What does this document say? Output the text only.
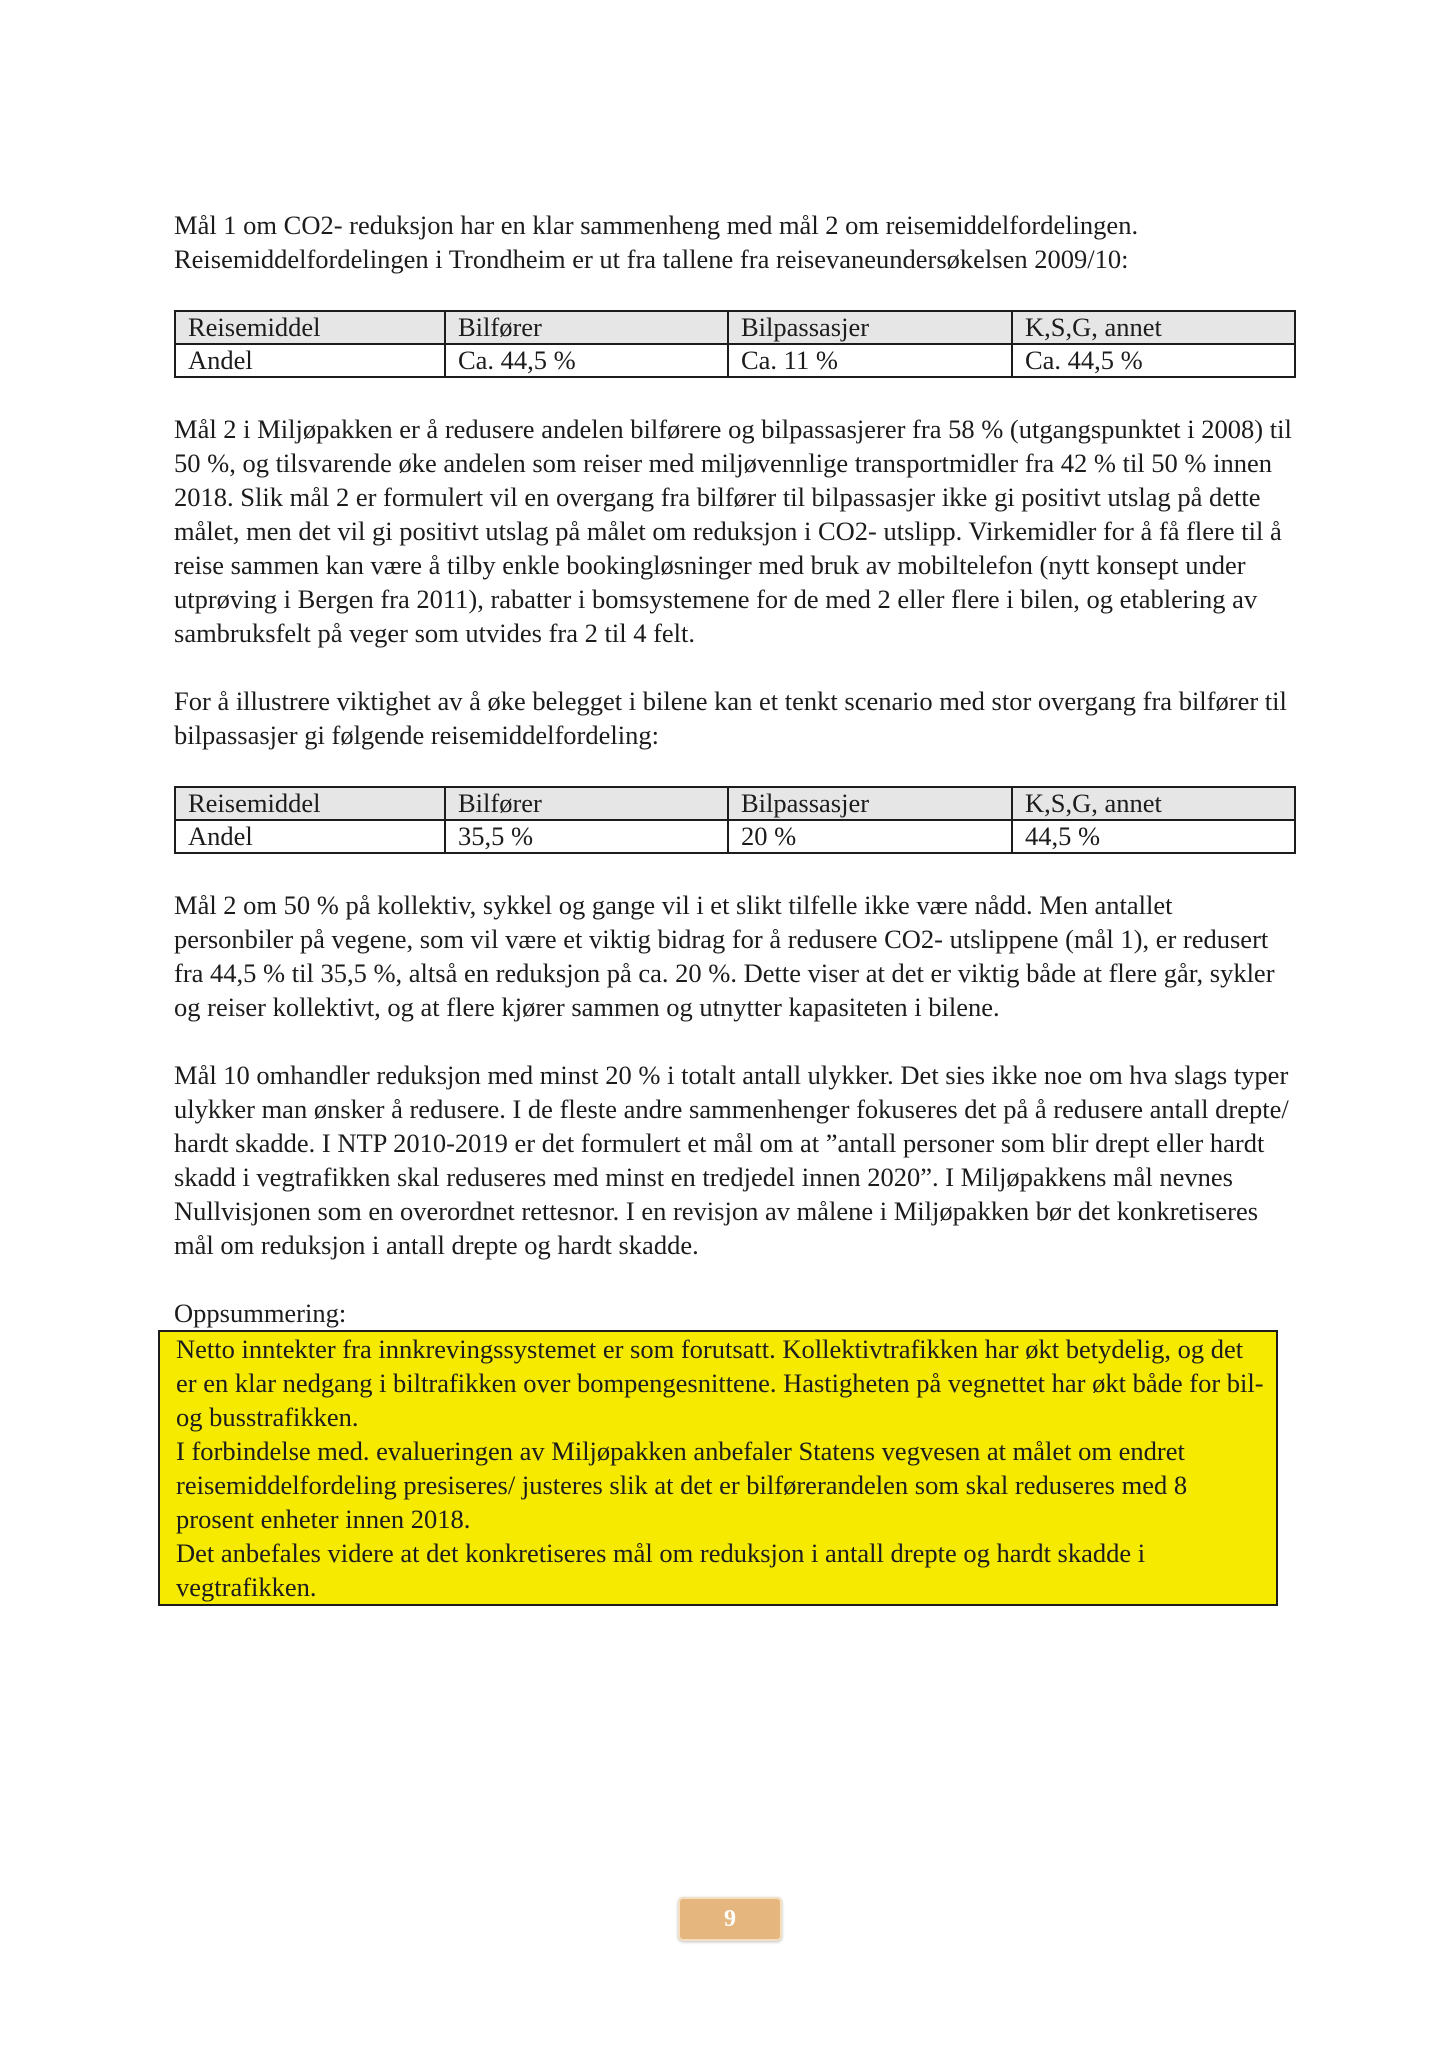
Mål 1 om CO2- reduksjon har en klar sammenheng med mål 2 om reisemiddelfordelingen. Reisemiddelfordelingen i Trondheim er ut fra tallene fra reisevaneundersøkelsen 2009/10:

Reisemiddel	Bilfører	Bilpassasjer	K,S,G, annet
Andel	Ca. 44,5 %	Ca. 11 %	Ca. 44,5 %

Mål 2 i Miljøpakken er å redusere andelen bilførere og bilpassasjerer fra 58 % (utgangspunktet i 2008) til 50 %, og tilsvarende øke andelen som reiser med miljøvennlige transportmidler fra 42 % til 50 % innen 2018. Slik mål 2 er formulert vil en overgang fra bilfører til bilpassasjer ikke gi positivt utslag på dette målet, men det vil gi positivt utslag på målet om reduksjon i CO2- utslipp. Virkemidler for å få flere til å reise sammen kan være å tilby enkle bookingløsninger med bruk av mobiltelefon (nytt konsept under utprøving i Bergen fra 2011), rabatter i bomsystemene for de med 2 eller flere i bilen, og etablering av sambruksfelt på veger som utvides fra 2 til 4 felt.

For å illustrere viktighet av å øke belegget i bilene kan et tenkt scenario med stor overgang fra bilfører til bilpassasjer gi følgende reisemiddelfordeling:

Reisemiddel	Bilfører	Bilpassasjer	K,S,G, annet
Andel	35,5 %	20 %	44,5 %

Mål 2 om 50 % på kollektiv, sykkel og gange vil i et slikt tilfelle ikke være nådd. Men antallet personbiler på vegene, som vil være et viktig bidrag for å redusere CO2- utslippene (mål 1), er redusert fra 44,5 % til 35,5 %, altså en reduksjon på ca. 20 %. Dette viser at det er viktig både at flere går, sykler og reiser kollektivt, og at flere kjører sammen og utnytter kapasiteten i bilene.

Mål 10 omhandler reduksjon med minst 20 % i totalt antall ulykker. Det sies ikke noe om hva slags typer ulykker man ønsker å redusere. I de fleste andre sammenhenger fokuseres det på å redusere antall drepte/ hardt skadde. I NTP 2010-2019 er det formulert et mål om at ”antall personer som blir drept eller hardt skadd i vegtrafikken skal reduseres med minst en tredjedel innen 2020”. I Miljøpakkens mål nevnes Nullvisjonen som en overordnet rettesnor. I en revisjon av målene i Miljøpakken bør det konkretiseres mål om reduksjon i antall drepte og hardt skadde.

Oppsummering:

Netto inntekter fra innkrevingssystemet er som forutsatt. Kollektivtrafikken har økt betydelig, og det er en klar nedgang i biltrafikken over bompengesnittene. Hastigheten på vegnettet har økt både for bil- og busstrafikken.
I forbindelse med. evalueringen av Miljøpakken anbefaler Statens vegvesen at målet om endret reisemiddelfordeling presiseres/ justeres slik at det er bilførerandelen som skal reduseres med 8 prosent enheter innen 2018.
Det anbefales videre at det konkretiseres mål om reduksjon i antall drepte og hardt skadde i vegtrafikken.
9
